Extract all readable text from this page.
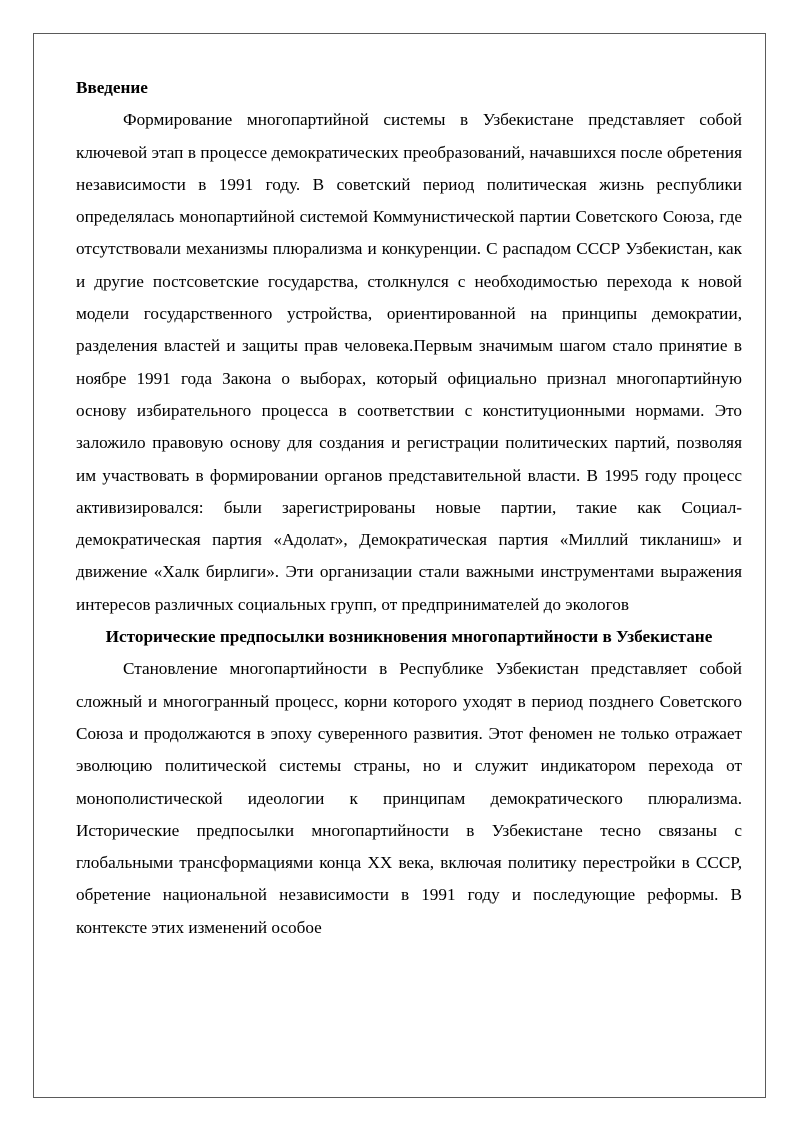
Введение

Формирование многопартийной системы в Узбекистане представляет собой ключевой этап в процессе демократических преобразований, начавшихся после обретения независимости в 1991 году. В советский период политическая жизнь республики определялась монопартийной системой Коммунистической партии Советского Союза, где отсутствовали механизмы плюрализма и конкуренции. С распадом СССР Узбекистан, как и другие постсоветские государства, столкнулся с необходимостью перехода к новой модели государственного устройства, ориентированной на принципы демократии, разделения властей и защиты прав человека.Первым значимым шагом стало принятие в ноябре 1991 года Закона о выборах, который официально признал многопартийную основу избирательного процесса в соответствии с конституционными нормами. Это заложило правовую основу для создания и регистрации политических партий, позволяя им участвовать в формировании органов представительной власти. В 1995 году процесс активизировался: были зарегистрированы новые партии, такие как Социал-демократическая партия «Адолат», Демократическая партия «Миллий тикланиш» и движение «Халк бирлиги». Эти организации стали важными инструментами выражения интересов различных социальных групп, от предпринимателей до экологов

Исторические предпосылки возникновения многопартийности в Узбекистане

Становление многопартийности в Республике Узбекистан представляет собой сложный и многогранный процесс, корни которого уходят в период позднего Советского Союза и продолжаются в эпоху суверенного развития. Этот феномен не только отражает эволюцию политической системы страны, но и служит индикатором перехода от монополистической идеологии к принципам демократического плюрализма. Исторические предпосылки многопартийности в Узбекистане тесно связаны с глобальными трансформациями конца XX века, включая политику перестройки в СССР, обретение национальной независимости в 1991 году и последующие реформы. В контексте этих изменений особое
